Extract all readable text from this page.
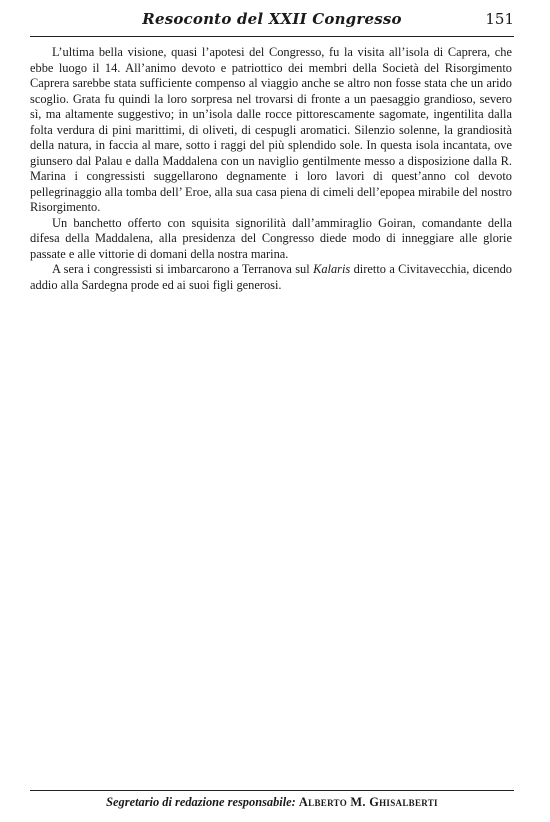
Resoconto del XXII Congresso	151

L’ultima bella visione, quasi l’apotesi del Congresso, fu la visita all’isola di Caprera, che ebbe luogo il 14. All’animo devoto e patriottico dei membri della Società del Risorgimento Caprera sarebbe stata sufficiente compenso al viaggio anche se altro non fosse stata che un arido scoglio. Grata fu quindi la loro sorpresa nel trovarsi di fronte a un paesaggio grandioso, severo sì, ma altamente suggestivo; in un’isola dalle rocce pittorescamente sagomate, ingentilita dalla folta verdura di pini marittimi, di oliveti, di cespugli aromatici. Silenzio solenne, la grandiosità della natura, in faccia al mare, sotto i raggi del più splendido sole. In questa isola incantata, ove giunsero dal Palau e dalla Maddalena con un naviglio gentilmente messo a disposizione dalla R. Marina i congressisti suggellarono degnamente i loro lavori di quest’anno col devoto pellegrinaggio alla tomba dell’ Eroe, alla sua casa piena di cimeli dell’epopea mirabile del nostro Risorgimento.

Un banchetto offerto con squisita signorilità dall’ammiraglio Goiran, comandante della difesa della Maddalena, alla presidenza del Congresso diede modo di inneggiare alle glorie passate e alle vittorie di domani della nostra marina.

A sera i congressisti si imbarcarono a Terranova sul Kalaris diretto a Civitavecchia, dicendo addio alla Sardegna prode ed ai suoi figli generosi.

Segretario di redazione responsabile: Alberto M. Ghisalberti
